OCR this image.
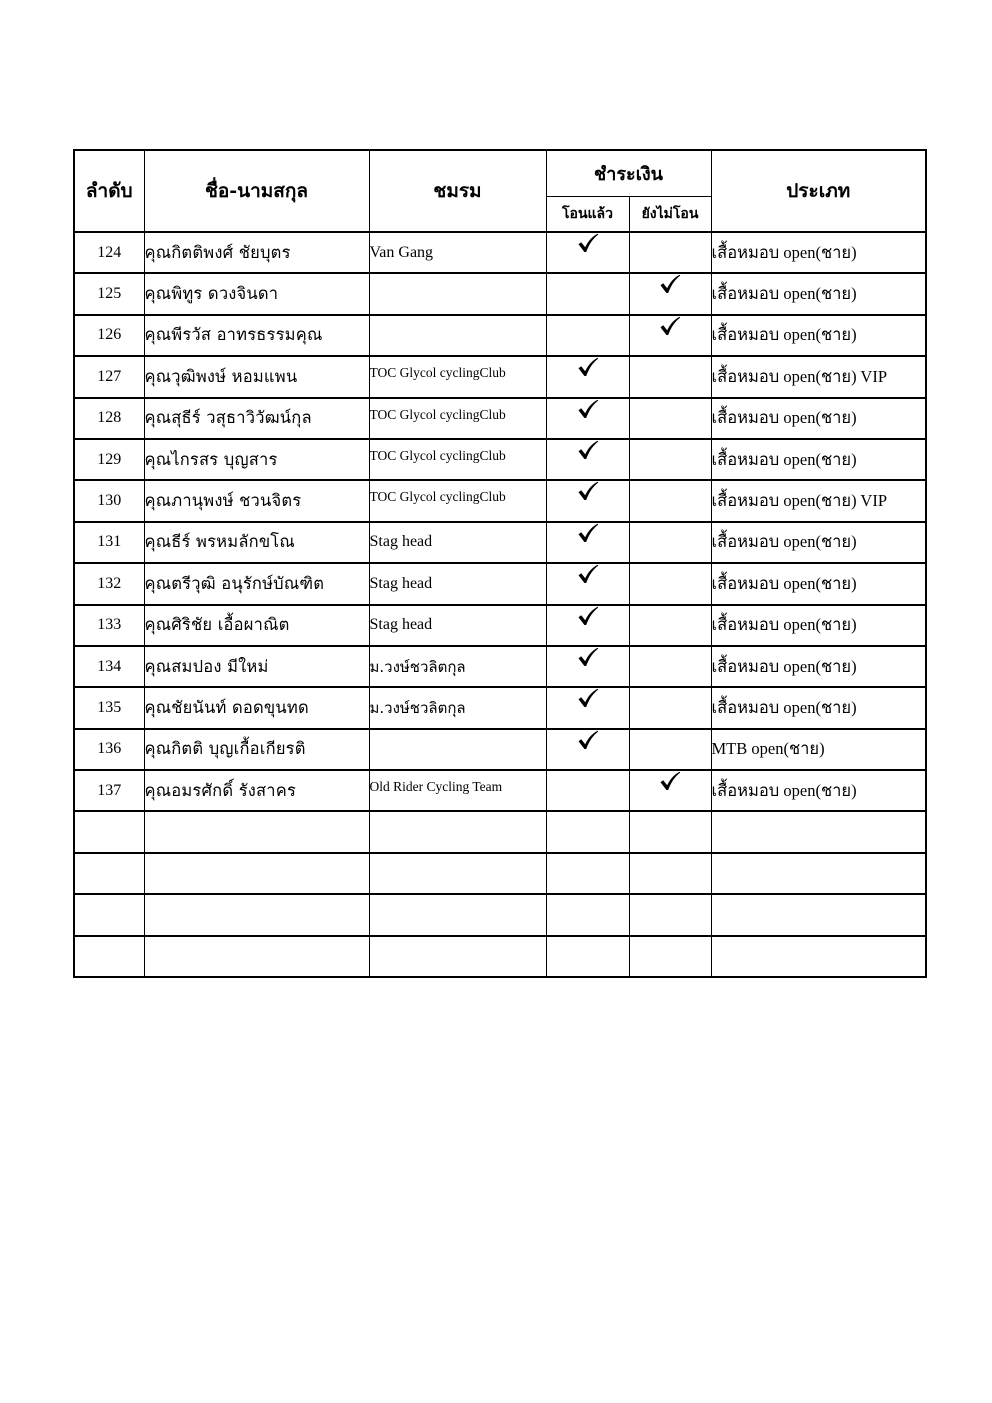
ลำดับ	ชื่อ-นามสกุล	ชมรม	ชำระเงิน		ประเภท
			โอนแล้ว	ยังไม่โอน	
124	คุณกิตติพงศ์ ชัยบุตร	Van Gang			เสื้อหมอบ open(ชาย)
125	คุณพิทูร ดวงจินดา				เสื้อหมอบ open(ชาย)
126	คุณพีรวัส อาทรธรรมคุณ				เสื้อหมอบ open(ชาย)
127	คุณวุฒิพงษ์ หอมแพน	TOC Glycol cyclingClub			เสื้อหมอบ open(ชาย) VIP
128	คุณสุธีร์ วสุธาวิวัฒน์กุล	TOC Glycol cyclingClub			เสื้อหมอบ open(ชาย)
129	คุณไกรสร บุญสาร	TOC Glycol cyclingClub			เสื้อหมอบ open(ชาย)
130	คุณภานุพงษ์ ชวนจิตร	TOC Glycol cyclingClub			เสื้อหมอบ open(ชาย) VIP
131	คุณธีร์ พรหมลักขโณ	Stag head			เสื้อหมอบ open(ชาย)
132	คุณตรีวุฒิ อนุรักษ์บัณฑิต	Stag head			เสื้อหมอบ open(ชาย)
133	คุณศิริชัย เอื้อผาณิต	Stag head			เสื้อหมอบ open(ชาย)
134	คุณสมปอง มีใหม่	ม.วงษ์ชวลิตกุล			เสื้อหมอบ open(ชาย)
135	คุณชัยนันท์ ดอดขุนทด	ม.วงษ์ชวลิตกุล			เสื้อหมอบ open(ชาย)
136	คุณกิตติ บุญเกื้อเกียรติ				MTB open(ชาย)
137	คุณอมรศักดิ์ รังสาคร	Old Rider Cycling Team			เสื้อหมอบ open(ชาย)
